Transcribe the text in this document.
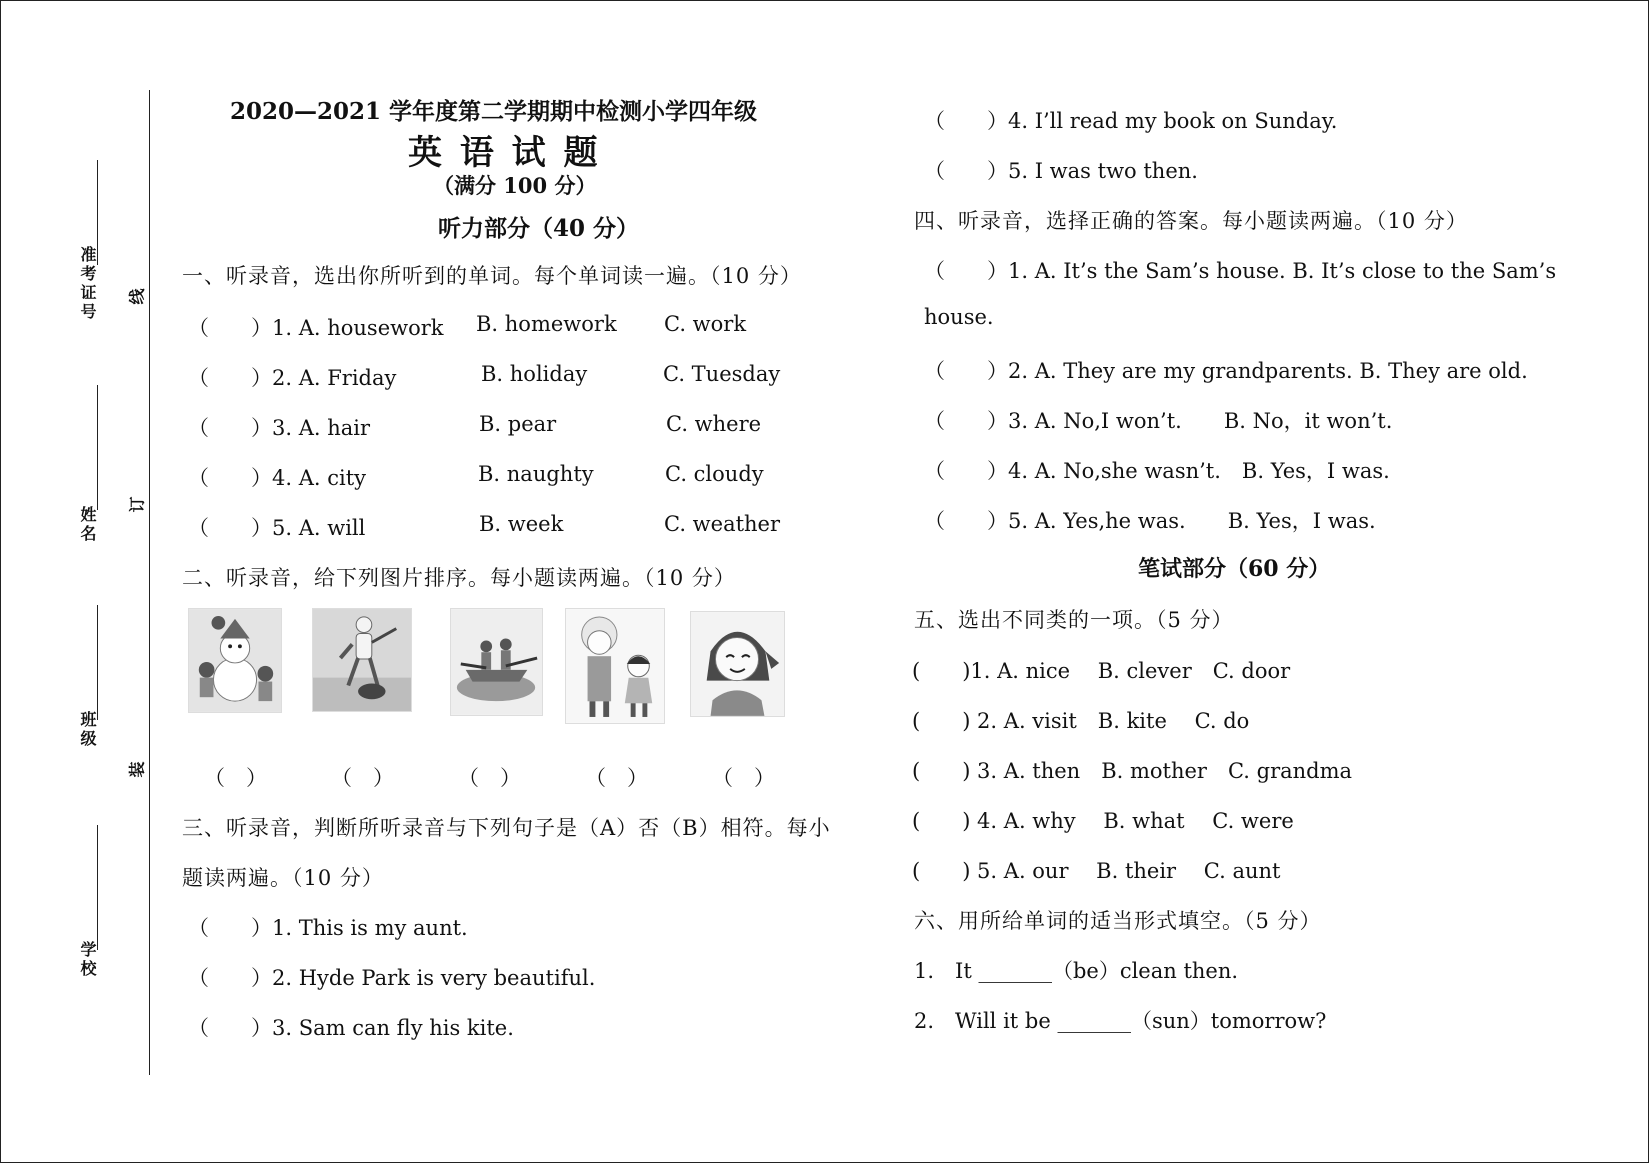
准考证号
姓名
班级
学校
线
订
装
2020—2021 学年度第二学期期中检测小学四年级
英 语 试 题
（满分 100 分）
听力部分（40 分）
一、听录音，选出你所听到的单词。每个单词读一遍。（10 分）
（　　）1. A. housework B. homework C. work
（　　）2. A. Friday	B. holiday	C. Tuesday
（　　）3. A. hair	B. pear	C. where
（　　）4. A. city	B. naughty	C. cloudy
（　　）5. A. will	B. week	C. weather
二、听录音，给下列图片排序。每小题读两遍。（10 分）
（　）	（　）	（　）	（　）	（　）
三、听录音，判断所听录音与下列句子是（A）否（B）相符。每小
题读两遍。（10 分）
（　　）1. This is my aunt.
（　　）2. Hyde Park is very beautiful.
（　　）3. Sam can fly his kite.
（　　）4. I’ll read my book on Sunday.
（　　）5. I was two then.
四、听录音，选择正确的答案。每小题读两遍。（10 分）
（　　）1. A. It’s the Sam’s house. B. It’s close to the Sam’s
house.
（　　）2. A. They are my grandparents. B. They are old.
（　　）3. A. No,I won’t.　　B. No，it won’t.
（　　）4. A. No,she wasn’t.　B. Yes，I was.
（　　）5. A. Yes,he was.　　B. Yes，I was.
笔试部分（60 分）
五、选出不同类的一项。（5 分）
(　　)1. A. nice　 B. clever　C. door
(　　) 2. A. visit　B. kite　 C. do
(　　) 3. A. then　B. mother　C. grandma
(　　) 4. A. why　 B. what　 C. were
(　　) 5. A. our　 B. their　 C. aunt
六、用所给单词的适当形式填空。（5 分）
1.　It _______（be）clean then.
2.　Will it be _______（sun）tomorrow?
